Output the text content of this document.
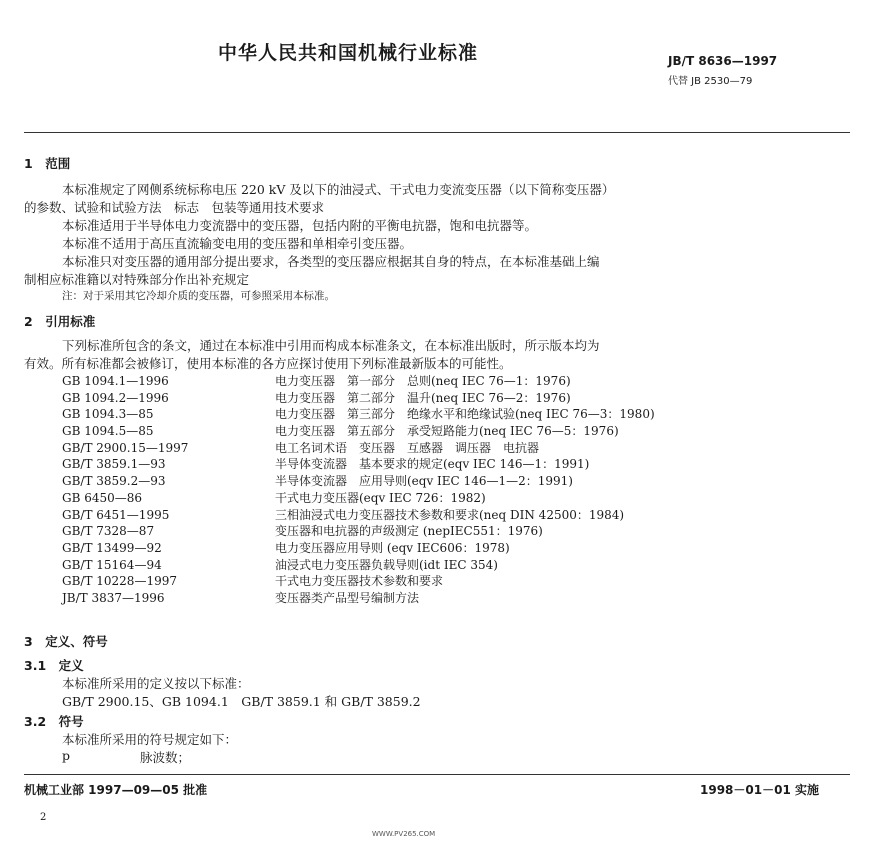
中华人民共和国机械行业标准	JB/T 8636—1997
代替 JB 2530—79
1　范围
本标准规定了网侧系统标称电压 220 kV 及以下的油浸式、干式电力变流变压器（以下简称变压器）
的参数、试验和试验方法　标志　包装等通用技术要求
本标准适用于半导体电力变流器中的变压器，包括内附的平衡电抗器，饱和电抗器等。
本标准不适用于高压直流输变电用的变压器和单相牵引变压器。
本标准只对变压器的通用部分提出要求，各类型的变压器应根据其自身的特点，在本标准基础上编
制相应标准籍以对特殊部分作出补充规定
注：对于采用其它冷却介质的变压器，可参照采用本标准。
2　引用标准
下列标准所包含的条文，通过在本标准中引用而构成本标准条文，在本标准出版时，所示版本均为
有效。所有标准都会被修订，使用本标准的各方应探讨使用下列标准最新版本的可能性。
GB 1094.1—1996	电力变压器　第一部分　总则(neq IEC 76—1：1976)
GB 1094.2—1996	电力变压器　第二部分　温升(neq IEC 76—2：1976)
GB 1094.3—85	电力变压器　第三部分　绝缘水平和绝缘试验(neq IEC 76—3：1980)
GB 1094.5—85	电力变压器　第五部分　承受短路能力(neq IEC 76—5：1976)
GB/T 2900.15—1997	电工名词术语　变压器　互感器　调压器　电抗器
GB/T 3859.1—93	半导体变流器　基本要求的规定(eqv IEC 146—1：1991)
GB/T 3859.2—93	半导体变流器　应用导则(eqv IEC 146—1—2：1991)
GB 6450—86	干式电力变压器(eqv IEC 726：1982)
GB/T 6451—1995	三相油浸式电力变压器技术参数和要求(neq DIN 42500：1984)
GB/T 7328—87	变压器和电抗器的声级测定 (nepIEC551：1976)
GB/T 13499—92	电力变压器应用导则 (eqv IEC606：1978)
GB/T 15164—94	油浸式电力变压器负载导则(idt IEC 354)
GB/T 10228—1997	干式电力变压器技术参数和要求
JB/T 3837—1996	变压器类产品型号编制方法
3　定义、符号
3.1　定义
本标准所采用的定义按以下标准：
GB/T 2900.15、GB 1094.1　GB/T 3859.1 和 GB/T 3859.2
3.2　符号
本标准所采用的符号规定如下：
p	脉波数；
机械工业部 1997—09—05 批准	1998－01－01 实施
2
WWW.PV265.COM
